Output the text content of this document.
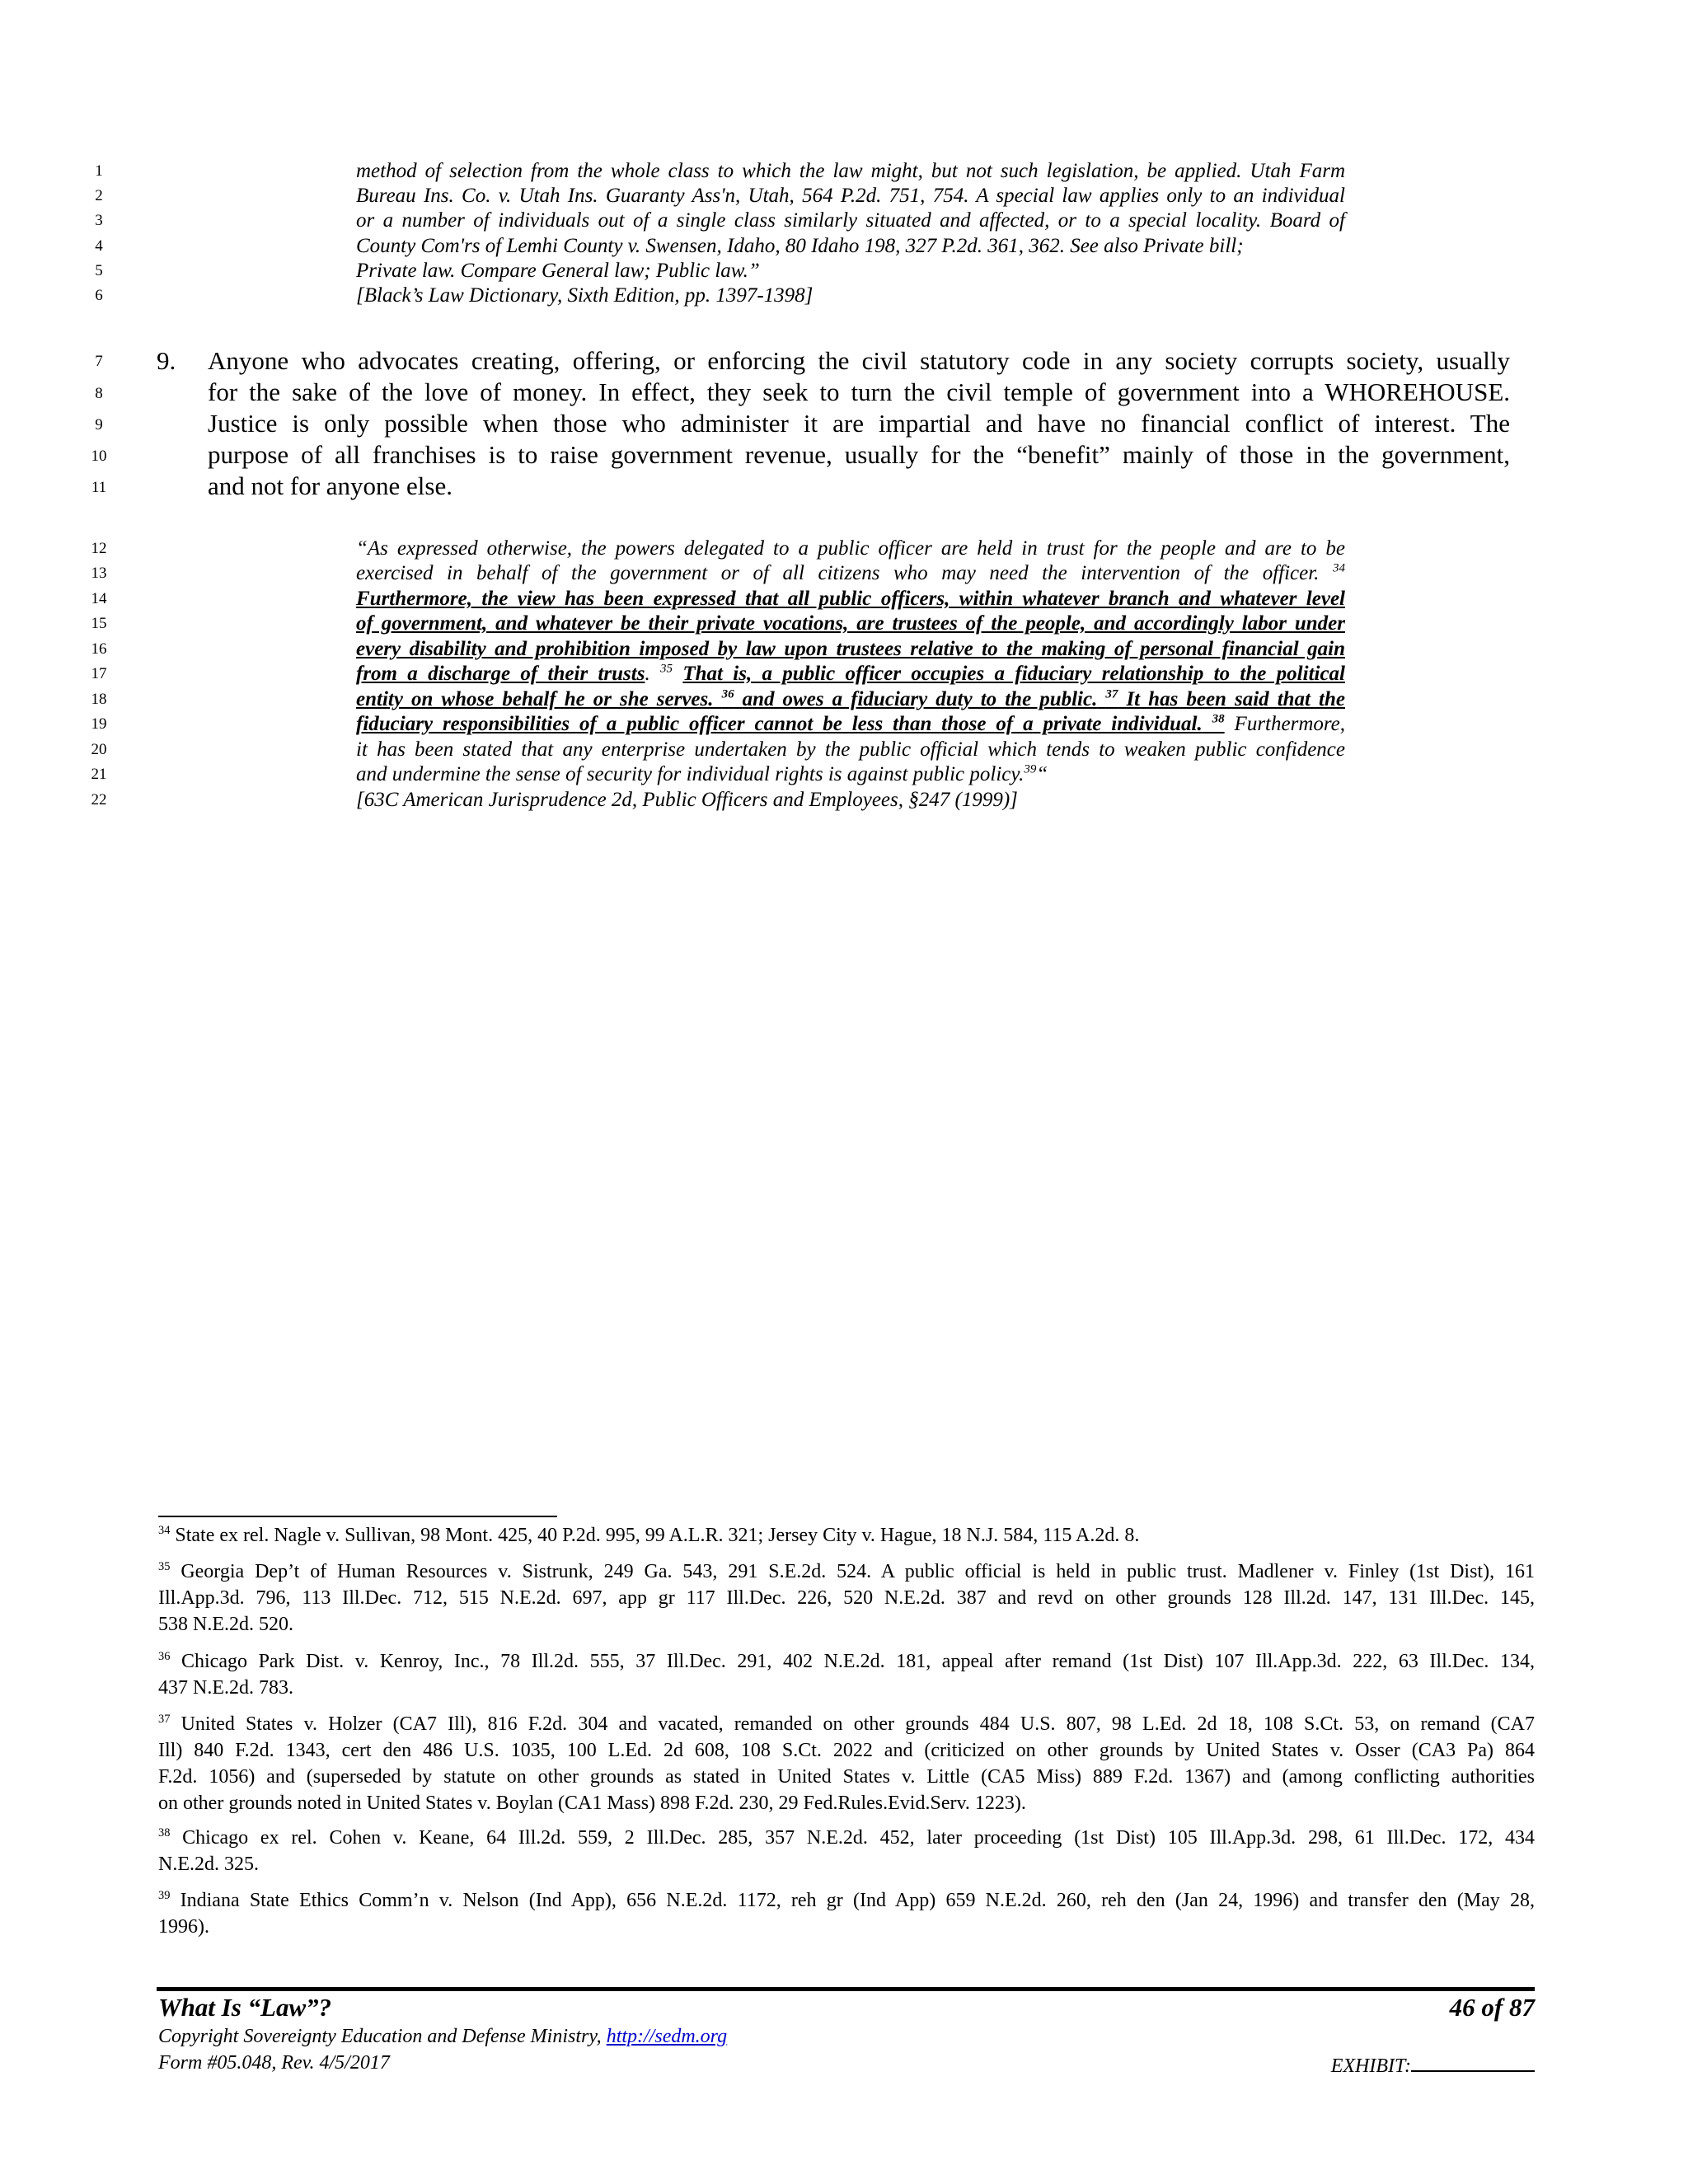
1
2
3
4
5
6
7
8
9
10
11
12
13
14
15
16
17
18
19
20
21
22
method of selection from the whole class to which the law might, but not such legislation, be applied. Utah Farm
Bureau Ins. Co. v. Utah Ins. Guaranty Ass'n, Utah, 564 P.2d. 751, 754. A special law applies only to an individual
or a number of individuals out of a single class similarly situated and affected, or to a special locality. Board of
County Com'rs of Lemhi County v. Swensen, Idaho, 80 Idaho 198, 327 P.2d. 361, 362. See also Private bill;
Private law. Compare General law; Public law.”
[Black’s Law Dictionary, Sixth Edition, pp. 1397-1398]
9. Anyone who advocates creating, offering, or enforcing the civil statutory code in any society corrupts society, usually
for the sake of the love of money. In effect, they seek to turn the civil temple of government into a WHOREHOUSE.
Justice is only possible when those who administer it are impartial and have no financial conflict of interest. The
purpose of all franchises is to raise government revenue, usually for the “benefit” mainly of those in the government,
and not for anyone else.
“As expressed otherwise, the powers delegated to a public officer are held in trust for the people and are to be
exercised in behalf of the government or of all citizens who may need the intervention of the officer. $^{34}$
Furthermore, the view has been expressed that all public officers, within whatever branch and whatever level
of government, and whatever be their private vocations, are trustees of the people, and accordingly labor under
every disability and prohibition imposed by law upon trustees relative to the making of personal financial gain
from a discharge of their trusts. $^{35}$ That is, a public officer occupies a fiduciary relationship to the political
entity on whose behalf he or she serves. $^{36}$ and owes a fiduciary duty to the public. $^{37}$ It has been said that the
fiduciary responsibilities of a public officer cannot be less than those of a private individual. $^{38}$ Furthermore,
it has been stated that any enterprise undertaken by the public official which tends to weaken public confidence
and undermine the sense of security for individual rights is against public policy.$^{39}$“
[63C American Jurisprudence 2d, Public Officers and Employees, §247 (1999)]
$^{34}$ State ex rel. Nagle v. Sullivan, 98 Mont. 425, 40 P.2d. 995, 99 A.L.R. 321; Jersey City v. Hague, 18 N.J. 584, 115 A.2d. 8.
$^{35}$ Georgia Dep’t of Human Resources v. Sistrunk, 249 Ga. 543, 291 S.E.2d. 524. A public official is held in public trust. Madlener v. Finley (1st Dist), 161
Ill.App.3d. 796, 113 Ill.Dec. 712, 515 N.E.2d. 697, app gr 117 Ill.Dec. 226, 520 N.E.2d. 387 and revd on other grounds 128 Ill.2d. 147, 131 Ill.Dec. 145,
538 N.E.2d. 520.
$^{36}$ Chicago Park Dist. v. Kenroy, Inc., 78 Ill.2d. 555, 37 Ill.Dec. 291, 402 N.E.2d. 181, appeal after remand (1st Dist) 107 Ill.App.3d. 222, 63 Ill.Dec. 134,
437 N.E.2d. 783.
$^{37}$ United States v. Holzer (CA7 Ill), 816 F.2d. 304 and vacated, remanded on other grounds 484 U.S. 807, 98 L.Ed. 2d 18, 108 S.Ct. 53, on remand (CA7
Ill) 840 F.2d. 1343, cert den 486 U.S. 1035, 100 L.Ed. 2d 608, 108 S.Ct. 2022 and (criticized on other grounds by United States v. Osser (CA3 Pa) 864
F.2d. 1056) and (superseded by statute on other grounds as stated in United States v. Little (CA5 Miss) 889 F.2d. 1367) and (among conflicting authorities
on other grounds noted in United States v. Boylan (CA1 Mass) 898 F.2d. 230, 29 Fed.Rules.Evid.Serv. 1223).
$^{38}$ Chicago ex rel. Cohen v. Keane, 64 Ill.2d. 559, 2 Ill.Dec. 285, 357 N.E.2d. 452, later proceeding (1st Dist) 105 Ill.App.3d. 298, 61 Ill.Dec. 172, 434
N.E.2d. 325.
$^{39}$ Indiana State Ethics Comm’n v. Nelson (Ind App), 656 N.E.2d. 1172, reh gr (Ind App) 659 N.E.2d. 260, reh den (Jan 24, 1996) and transfer den (May 28,
1996).
What Is “Law”?	46 of 87
Copyright Sovereignty Education and Defense Ministry, http://sedm.org
Form #05.048, Rev. 4/5/2017	EXHIBIT:
